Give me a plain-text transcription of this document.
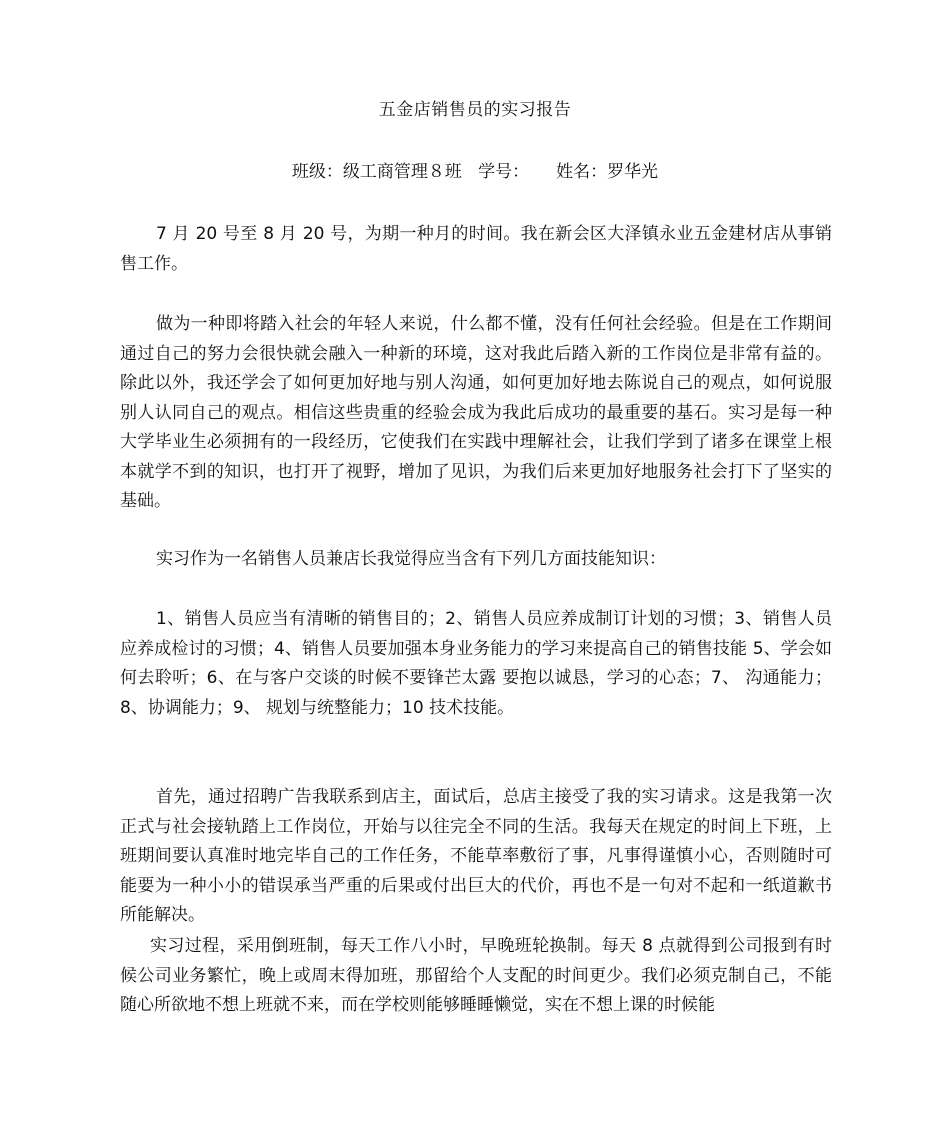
五金店销售员的实习报告
班级：级工商管理８班   学号：     姓名：罗华光

7 月 20 号至 8 月 20 号，为期一种月的时间。我在新会区大泽镇永业五金建材店从事销售工作。

做为一种即将踏入社会的年轻人来说，什么都不懂，没有任何社会经验。但是在工作期间通过自己的努力会很快就会融入一种新的环境，这对我此后踏入新的工作岗位是非常有益的。除此以外，我还学会了如何更加好地与别人沟通，如何更加好地去陈说自己的观点，如何说服别人认同自己的观点。相信这些贵重的经验会成为我此后成功的最重要的基石。实习是每一种大学毕业生必须拥有的一段经历，它使我们在实践中理解社会，让我们学到了诸多在课堂上根本就学不到的知识，也打开了视野，增加了见识，为我们后来更加好地服务社会打下了坚实的基础。

实习作为一名销售人员兼店长我觉得应当含有下列几方面技能知识：

1、销售人员应当有清晰的销售目的；2、销售人员应养成制订计划的习惯；3、销售人员应养成检讨的习惯；4、销售人员要加强本身业务能力的学习来提高自己的销售技能 5、学会如何去聆听；6、在与客户交谈的时候不要锋芒太露 要抱以诚恳，学习的心态；7、 沟通能力；8、协调能力；9、 规划与统整能力；10 技术技能。

首先，通过招聘广告我联系到店主，面试后，总店主接受了我的实习请求。这是我第一次正式与社会接轨踏上工作岗位，开始与以往完全不同的生活。我每天在规定的时间上下班，上班期间要认真准时地完毕自己的工作任务，不能草率敷衍了事，凡事得谨慎小心，否则随时可能要为一种小小的错误承当严重的后果或付出巨大的代价，再也不是一句对不起和一纸道歉书所能解决。

实习过程，采用倒班制，每天工作八小时，早晚班轮换制。每天 8 点就得到公司报到有时候公司业务繁忙，晚上或周末得加班，那留给个人支配的时间更少。我们必须克制自己，不能随心所欲地不想上班就不来，而在学校则能够睡睡懒觉，实在不想上课的时候能
